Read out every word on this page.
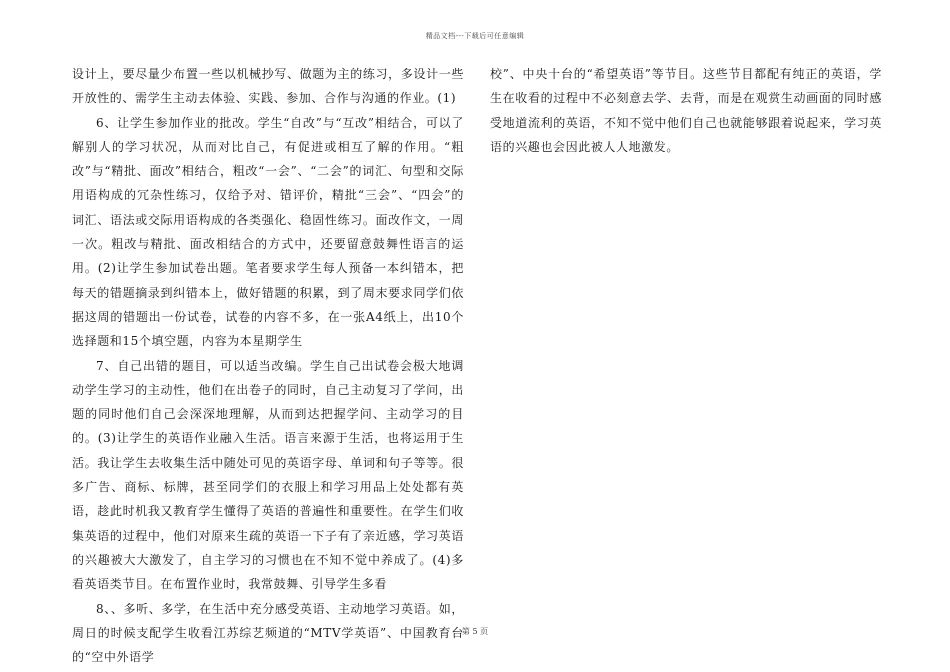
精品文档---下载后可任意编辑

设计上，要尽量少布置一些以机械抄写、做题为主的练习，多设计一些开放性的、需学生主动去体验、实践、参加、合作与沟通的作业。(1)

6、让学生参加作业的批改。学生“自改”与“互改”相结合，可以了解别人的学习状况，从而对比自己，有促进或相互了解的作用。“粗改”与“精批、面改”相结合，粗改“一会”、“二会”的词汇、句型和交际用语构成的冗杂性练习，仅给予对、错评价，精批“三会”、“四会”的词汇、语法或交际用语构成的各类强化、稳固性练习。面改作文，一周一次。粗改与精批、面改相结合的方式中，还要留意鼓舞性语言的运用。(2)让学生参加试卷出题。笔者要求学生每人预备一本纠错本，把每天的错题摘录到纠错本上，做好错题的积累，到了周末要求同学们依据这周的错题出一份试卷，试卷的内容不多，在一张A4纸上，出10个选择题和15个填空题，内容为本星期学生

7、自己出错的题目，可以适当改编。学生自己出试卷会极大地调动学生学习的主动性，他们在出卷子的同时，自己主动复习了学问，出题的同时他们自己会深深地理解，从而到达把握学问、主动学习的目的。(3)让学生的英语作业融入生活。语言来源于生活，也将运用于生活。我让学生去收集生活中随处可见的英语字母、单词和句子等等。很多广告、商标、标牌，甚至同学们的衣服上和学习用品上处处都有英语，趁此时机我又教育学生懂得了英语的普遍性和重要性。在学生们收集英语的过程中，他们对原来生疏的英语一下子有了亲近感，学习英语的兴趣被大大激发了，自主学习的习惯也在不知不觉中养成了。(4)多看英语类节目。在布置作业时，我常鼓舞、引导学生多看

8、、多听、多学，在生活中充分感受英语、主动地学习英语。如，周日的时候支配学生收看江苏综艺频道的“MTV学英语”、中国教育台的“空中外语学

校”、中央十台的“希望英语”等节目。这些节目都配有纯正的英语，学生在收看的过程中不必刻意去学、去背，而是在观赏生动画面的同时感受地道流利的英语，不知不觉中他们自己也就能够跟着说起来，学习英语的兴趣也会因此被人人地激发。

第 5 页
